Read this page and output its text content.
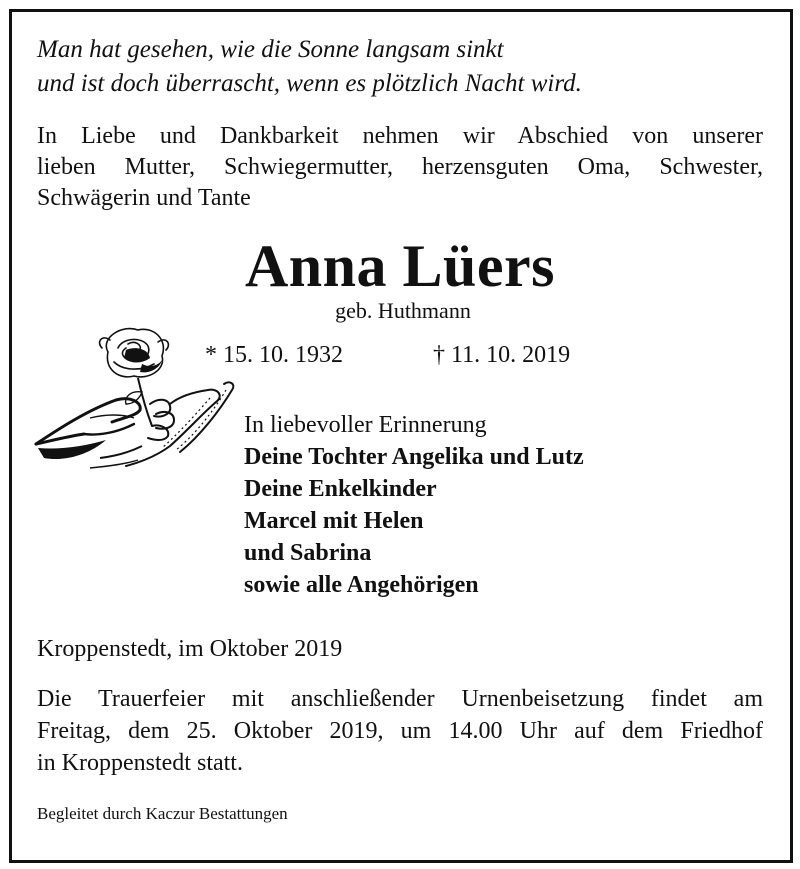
Man hat gesehen, wie die Sonne langsam sinkt
und ist doch überrascht, wenn es plötzlich Nacht wird.
In Liebe und Dankbarkeit nehmen wir Abschied von unserer
lieben Mutter, Schwiegermutter, herzensguten Oma, Schwester,
Schwägerin und Tante
Anna Lüers
geb. Huthmann
* 15. 10. 1932	† 11. 10. 2019
In liebevoller Erinnerung
Deine Tochter Angelika und Lutz
Deine Enkelkinder
Marcel mit Helen
und Sabrina
sowie alle Angehörigen
Kroppenstedt, im Oktober 2019
Die Trauerfeier mit anschließender Urnenbeisetzung findet am
Freitag, dem 25. Oktober 2019, um 14.00 Uhr auf dem Friedhof
in Kroppenstedt statt.
Begleitet durch Kaczur Bestattungen
